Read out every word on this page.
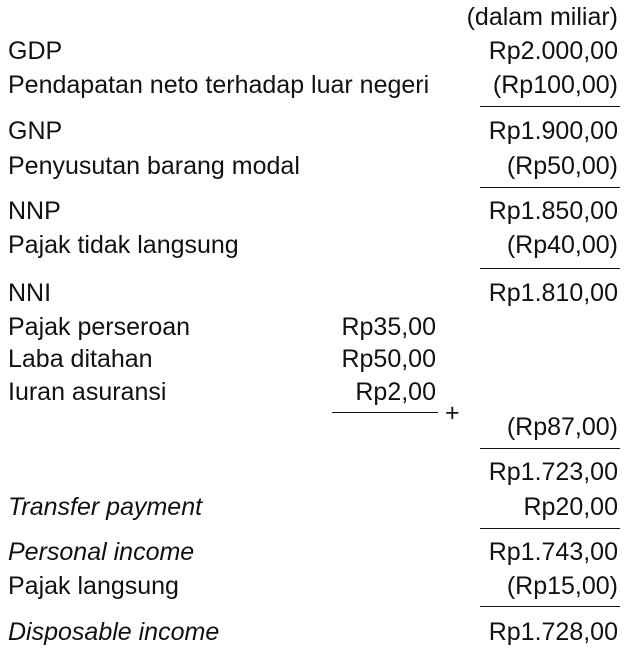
(dalam miliar)
GDP	Rp2.000,00
Pendapatan neto terhadap luar negeri	(Rp100,00)
GNP	Rp1.900,00
Penyusutan barang modal	(Rp50,00)
NNP	Rp1.850,00
Pajak tidak langsung	(Rp40,00)
NNI	Rp1.810,00
Pajak perseroan	Rp35,00
Laba ditahan	Rp50,00
Iuran asuransi	Rp2,00
+ (Rp87,00)
Rp1.723,00
Transfer payment	Rp20,00
Personal income	Rp1.743,00
Pajak langsung	(Rp15,00)
Disposable income	Rp1.728,00
